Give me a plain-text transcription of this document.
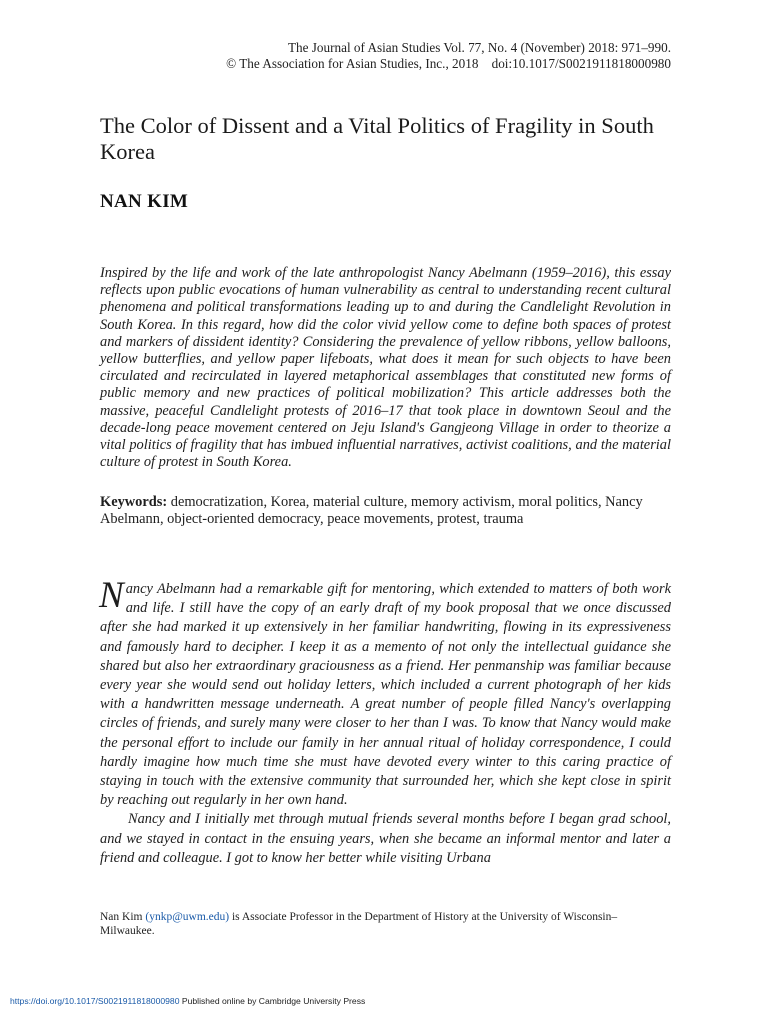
The Journal of Asian Studies Vol. 77, No. 4 (November) 2018: 971–990.
© The Association for Asian Studies, Inc., 2018    doi:10.1017/S0021911818000980
The Color of Dissent and a Vital Politics of Fragility in South Korea
NAN KIM

Inspired by the life and work of the late anthropologist Nancy Abelmann (1959–2016), this essay reflects upon public evocations of human vulnerability as central to understanding recent cultural phenomena and political transformations leading up to and during the Candlelight Revolution in South Korea. In this regard, how did the color vivid yellow come to define both spaces of protest and markers of dissident identity? Considering the prevalence of yellow ribbons, yellow balloons, yellow butterflies, and yellow paper lifeboats, what does it mean for such objects to have been circulated and recirculated in layered metaphorical assemblages that constituted new forms of public memory and new practices of political mobilization? This article addresses both the massive, peaceful Candlelight protests of 2016–17 that took place in downtown Seoul and the decade-long peace movement centered on Jeju Island's Gangjeong Village in order to theorize a vital politics of fragility that has imbued influential narratives, activist coalitions, and the material culture of protest in South Korea.

Keywords: democratization, Korea, material culture, memory activism, moral politics, Nancy Abelmann, object-oriented democracy, peace movements, protest, trauma

Nancy Abelmann had a remarkable gift for mentoring, which extended to matters of both work and life. I still have the copy of an early draft of my book proposal that we once discussed after she had marked it up extensively in her familiar handwriting, flowing in its expressiveness and famously hard to decipher. I keep it as a memento of not only the intellectual guidance she shared but also her extraordinary graciousness as a friend. Her penmanship was familiar because every year she would send out holiday letters, which included a current photograph of her kids with a handwritten message underneath. A great number of people filled Nancy's overlapping circles of friends, and surely many were closer to her than I was. To know that Nancy would make the personal effort to include our family in her annual ritual of holiday correspondence, I could hardly imagine how much time she must have devoted every winter to this caring practice of staying in touch with the extensive community that surrounded her, which she kept close in spirit by reaching out regularly in her own hand.

Nancy and I initially met through mutual friends several months before I began grad school, and we stayed in contact in the ensuing years, when she became an informal mentor and later a friend and colleague. I got to know her better while visiting Urbana

Nan Kim (ynkp@uwm.edu) is Associate Professor in the Department of History at the University of Wisconsin–Milwaukee.

https://doi.org/10.1017/S0021911818000980 Published online by Cambridge University Press
